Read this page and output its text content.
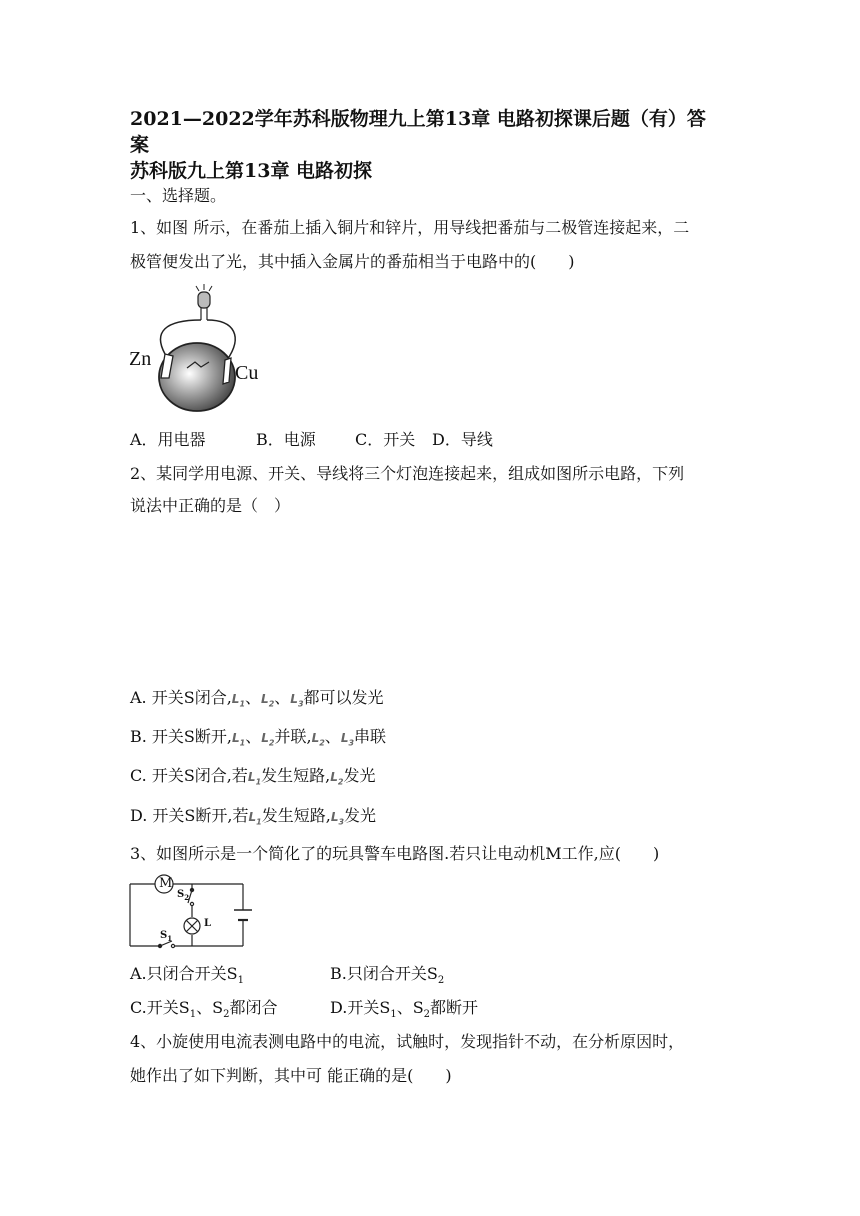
2021—2022学年苏科版物理九上第13章 电路初探课后题（有）答
案
苏科版九上第13章 电路初探
一、选择题。
1、如图 所示，在番茄上插入铜片和锌片，用导线把番茄与二极管连接起来，二
极管便发出了光，其中插入金属片的番茄相当于电路中的(　　)
Zn
Cu
A．用电器	B．电源 C．开关 D．导线
2、某同学用电源、开关、导线将三个灯泡连接起来，组成如图所示电路，下列
说法中正确的是（　）
A. 开关S闭合$,L_1$、$L_2$、$L_3$都可以发光
B. 开关S断开$,L_1$、$L_2$并联$,L_2$、$L_3$串联
C. 开关S闭合,若$L_1$发生短路$,L_2$发光
D. 开关S断开,若$L_1$发生短路$,L_3$发光
3、如图所示是一个简化了的玩具警车电路图.若只让电动机M工作,应(　　)
M
$S_2$
L
$S_1$
A.只闭合开关$S_1$	B.只闭合开关$S_2$
C.开关$S_1$、$S_2$都闭合	D.开关$S_1$、$S_2$都断开
4、小旋使用电流表测电路中的电流，试触时，发现指针不动，在分析原因时，
她作出了如下判断，其中可 能正确的是(　　)
